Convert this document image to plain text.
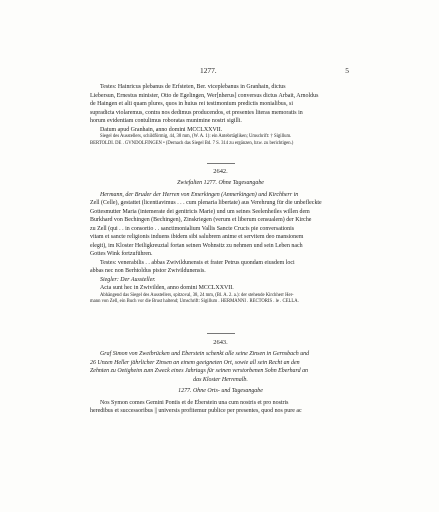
1277.	5

Testes: Hainricus plebanus de Erfsteten, Ber. viceplebanus in Granhain, dictus

Liebersun, Ernestus minister, Otto de Egelingen, Wer[nherus] conversus dictus Arbait, Arnoldus

de Haingen et alii quam plures, quos in huius rei testimonium predictis monialibus, si

supradicta violaremus, contra nos dedimus producendos, et presentes literas memoratis in

horum evidentiam contulimus roboratas munimine nostri sigilli.

Datum apud Granhain, anno domini MCCLXXVII.

Siegel des Ausstellers, schildförmig, 44, 38 mm, (W. A. 1): ein Antebrtägliken; Umschrift: † Sigillum.

BERTOLDI. DE . GVNDOLFINGEN • (Dernach das Siegel Bd. 7 S. 314 zu ergänzen, bzw. zu berichtigen.)

2642.

Zwiefalten 1277. Ohne Tagesangabe

Hermann, der Bruder der Herren von Emerkingen (Anmerkingen) und Kirchherr in

Zell (Celle), gestattet (licentiavimus . . . cum plenaria libertate) aus Verehrung für die unbefleckte

Gottesmutter Maria (intemerate dei genitricis Marie) und um seines Seelenheiles willen dem

Burkhard von Bechingen (Bechingen), Zinskriegen (verum et liberum censualem) der Kirche

zu Zell (qui . . in consortio . . sanctimonialium Vallis Sancte Crucis pie conversationis

vitam et sancte religionis induens ibidem sibi salubrem anime et servitem deo mansionem

elegit), im Kloster Heiligkreuztal fortan seinen Wohnsitz zu nehmen und sein Leben nach

Gottes Wink fortzuführen.

Testes: venerabilis . . abbas Zwivildunensis et frater Petrus quondam eiusdem loci

abbas nec non Berhtoldus pistor Zwivildunensis.

Siegler: Der Aussteller.

Acta sunt hec in Zwivilden, anno domini MCCLXXVII.

Abhängend das Siegel des Ausstellers, spitzoval, 38, 24 mm, (Bl. A. 2. a.): der stehende Kirchherr Her-

mann von Zell, ein Buch vor die Brust haltend; Umschrift: Sigillum . HERMANNI . RECTORIS . le . CELLA.

2643.

Graf Simon von Zweibrücken und Eberstein schenkt alle seine Zinsen in Gernsbach und

26 Unzen Heller jährlicher Zinsen an einem geeigneten Ort, sowie all sein Recht an den

Zehnten zu Oetigheim zum Zweck eines Jahrtags für seinen verstorbenen Sohn Eberhard an

das Kloster Herrenalb.

1277. Ohne Orts- und Tagesangabe

Nos Symon comes Gemini Pontis et de Eberstein una cum nostris et pro nostris

heredibus et successoribus || universis profitemur publice per presentes, quod nos pure ac
